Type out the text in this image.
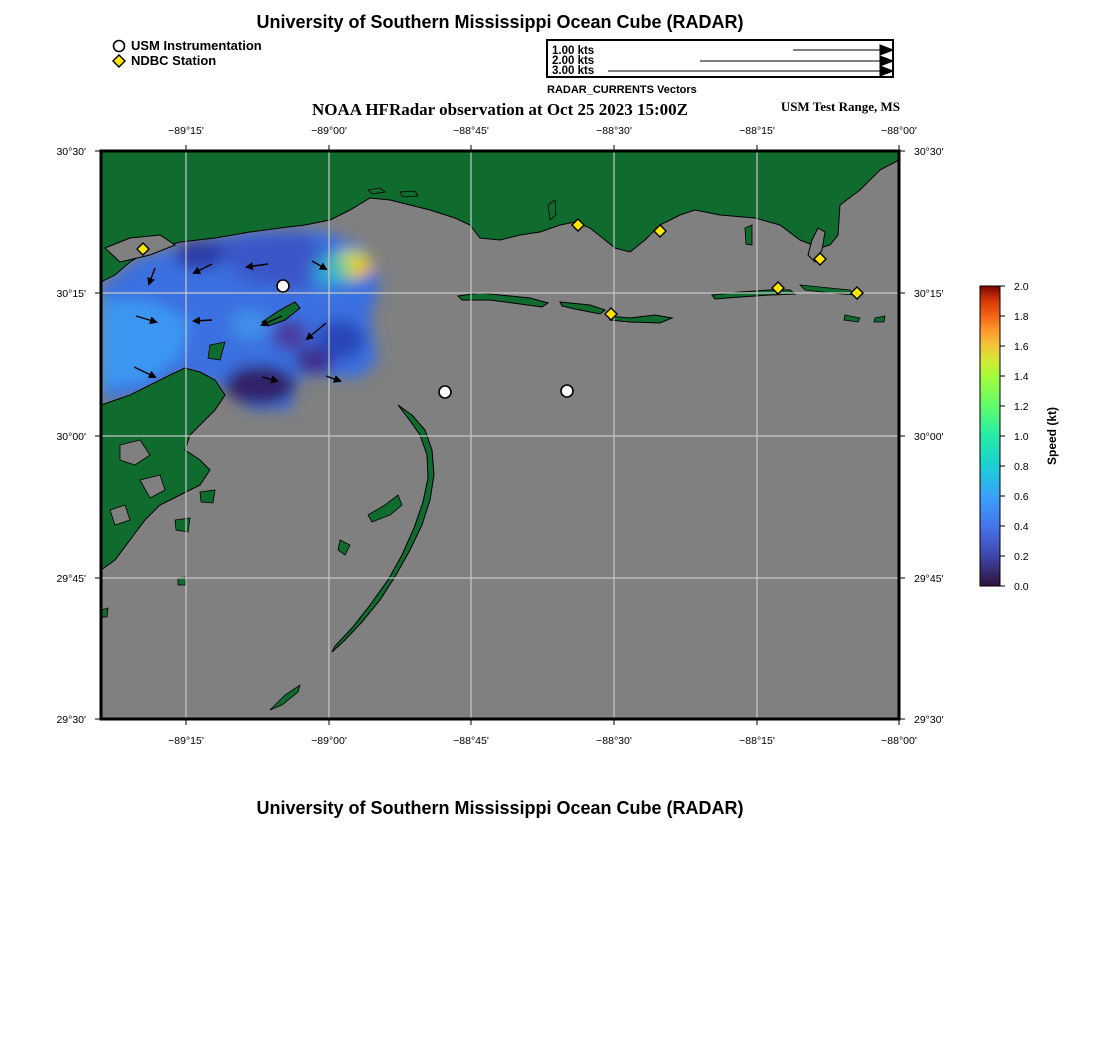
University of Southern Mississippi Ocean Cube (RADAR)
USM Instrumentation
NDBC Station
1.00 kts
2.00 kts
3.00 kts
RADAR_CURRENTS Vectors
NOAA HFRadar observation at Oct 25 2023 15:00Z	USM Test Range, MS
−89°15'	−89°00'	−88°45'	−88°30'	−88°15'	−88°00'
−89°15'	−89°00'	−88°45'	−88°30'	−88°15'	−88°00'
30°30'
30°15'
30°00'
29°45'
29°30'
30°30'
30°15'
30°00'
29°45'
29°30'
2.0
1.8
1.6
1.4
1.2
1.0
0.8
0.6
0.4
0.2
0.0
Speed (kt)
University of Southern Mississippi Ocean Cube (RADAR)
